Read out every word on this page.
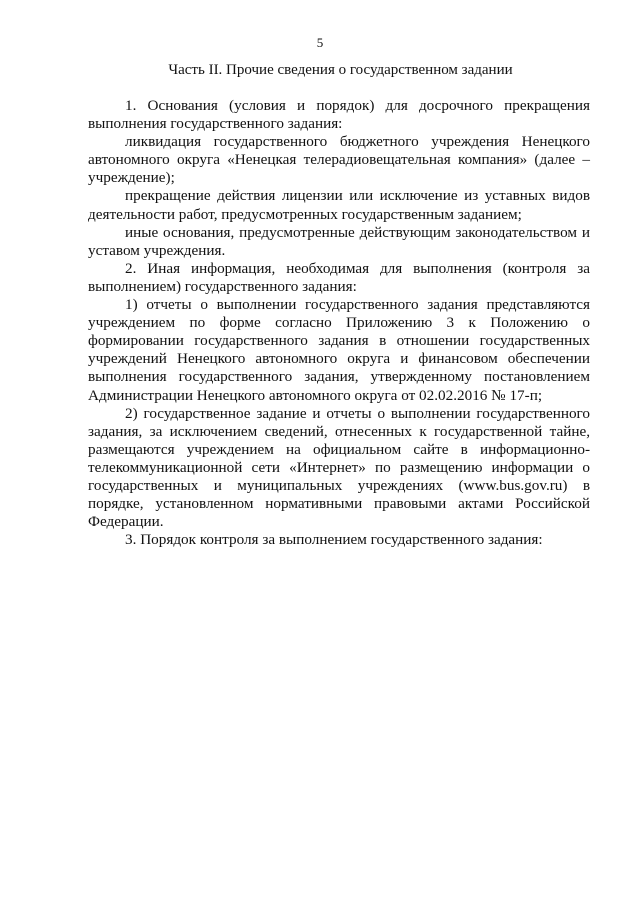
5
Часть II. Прочие сведения о государственном задании

1. Основания (условия и порядок) для досрочного прекращения выполнения государственного задания:

ликвидация государственного бюджетного учреждения Ненецкого автономного округа «Ненецкая телерадиовещательная компания» (далее – учреждение);

прекращение действия лицензии или исключение из уставных видов деятельности работ, предусмотренных государственным заданием;

иные основания, предусмотренные действующим законодательством и уставом учреждения.

2. Иная информация, необходимая для выполнения (контроля за выполнением) государственного задания:

1) отчеты о выполнении государственного задания представляются учреждением по форме согласно Приложению 3 к Положению о формировании государственного задания в отношении государственных учреждений Ненецкого автономного округа и финансовом обеспечении выполнения государственного задания, утвержденному постановлением Администрации Ненецкого автономного округа от 02.02.2016 № 17-п;

2) государственное задание и отчеты о выполнении государственного задания, за исключением сведений, отнесенных к государственной тайне, размещаются учреждением на официальном сайте в информационно-телекоммуникационной сети «Интернет» по размещению информации о государственных и муниципальных учреждениях (www.bus.gov.ru) в порядке, установленном нормативными правовыми актами Российской Федерации.

3. Порядок контроля за выполнением государственного задания:
